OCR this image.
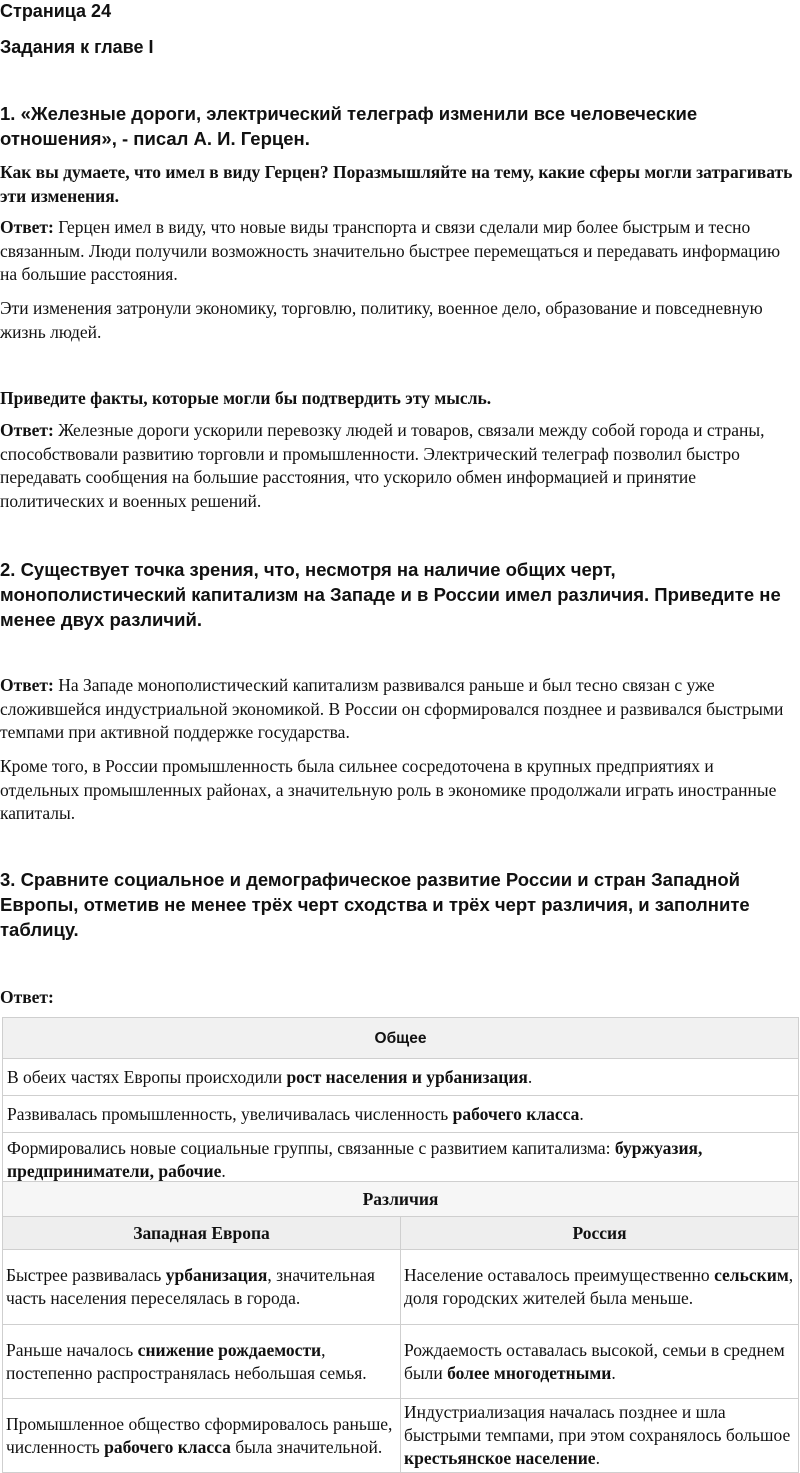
Страница 24
Задания к главе I
1. «Железные дороги, электрический телеграф изменили все человеческие отношения», - писал А. И. Герцен.
Как вы думаете, что имел в виду Герцен? Поразмышляйте на тему, какие сферы могли затрагивать эти изменения.
Ответ: Герцен имел в виду, что новые виды транспорта и связи сделали мир более быстрым и тесно связанным. Люди получили возможность значительно быстрее перемещаться и передавать информацию на большие расстояния.
Эти изменения затронули экономику, торговлю, политику, военное дело, образование и повседневную жизнь людей.
Приведите факты, которые могли бы подтвердить эту мысль.
Ответ: Железные дороги ускорили перевозку людей и товаров, связали между собой города и страны, способствовали развитию торговли и промышленности. Электрический телеграф позволил быстро передавать сообщения на большие расстояния, что ускорило обмен информацией и принятие политических и военных решений.
2. Существует точка зрения, что, несмотря на наличие общих черт, монополистический капитализм на Западе и в России имел различия. Приведите не менее двух различий.
Ответ: На Западе монополистический капитализм развивался раньше и был тесно связан с уже сложившейся индустриальной экономикой. В России он сформировался позднее и развивался быстрыми темпами при активной поддержке государства.
Кроме того, в России промышленность была сильнее сосредоточена в крупных предприятиях и отдельных промышленных районах, а значительную роль в экономике продолжали играть иностранные капиталы.
3. Сравните социальное и демографическое развитие России и стран Западной Европы, отметив не менее трёх черт сходства и трёх черт различия, и заполните таблицу.
Ответ:
Общее
В обеих частях Европы происходили рост населения и урбанизация.
Развивалась промышленность, увеличивалась численность рабочего класса.
Формировались новые социальные группы, связанные с развитием капитализма: буржуазия, предприниматели, рабочие.
Различия	
Западная Европа	Россия
Быстрее развивалась урбанизация, значительная часть населения переселялась в города.	Население оставалось преимущественно сельским, доля городских жителей была меньше.
Раньше началось снижение рождаемости, постепенно распространялась небольшая семья.	Рождаемость оставалась высокой, семьи в среднем были более многодетными.
Промышленное общество сформировалось раньше, численность рабочего класса была значительной.	Индустриализация началась позднее и шла быстрыми темпами, при этом сохранялось большое крестьянское население.
